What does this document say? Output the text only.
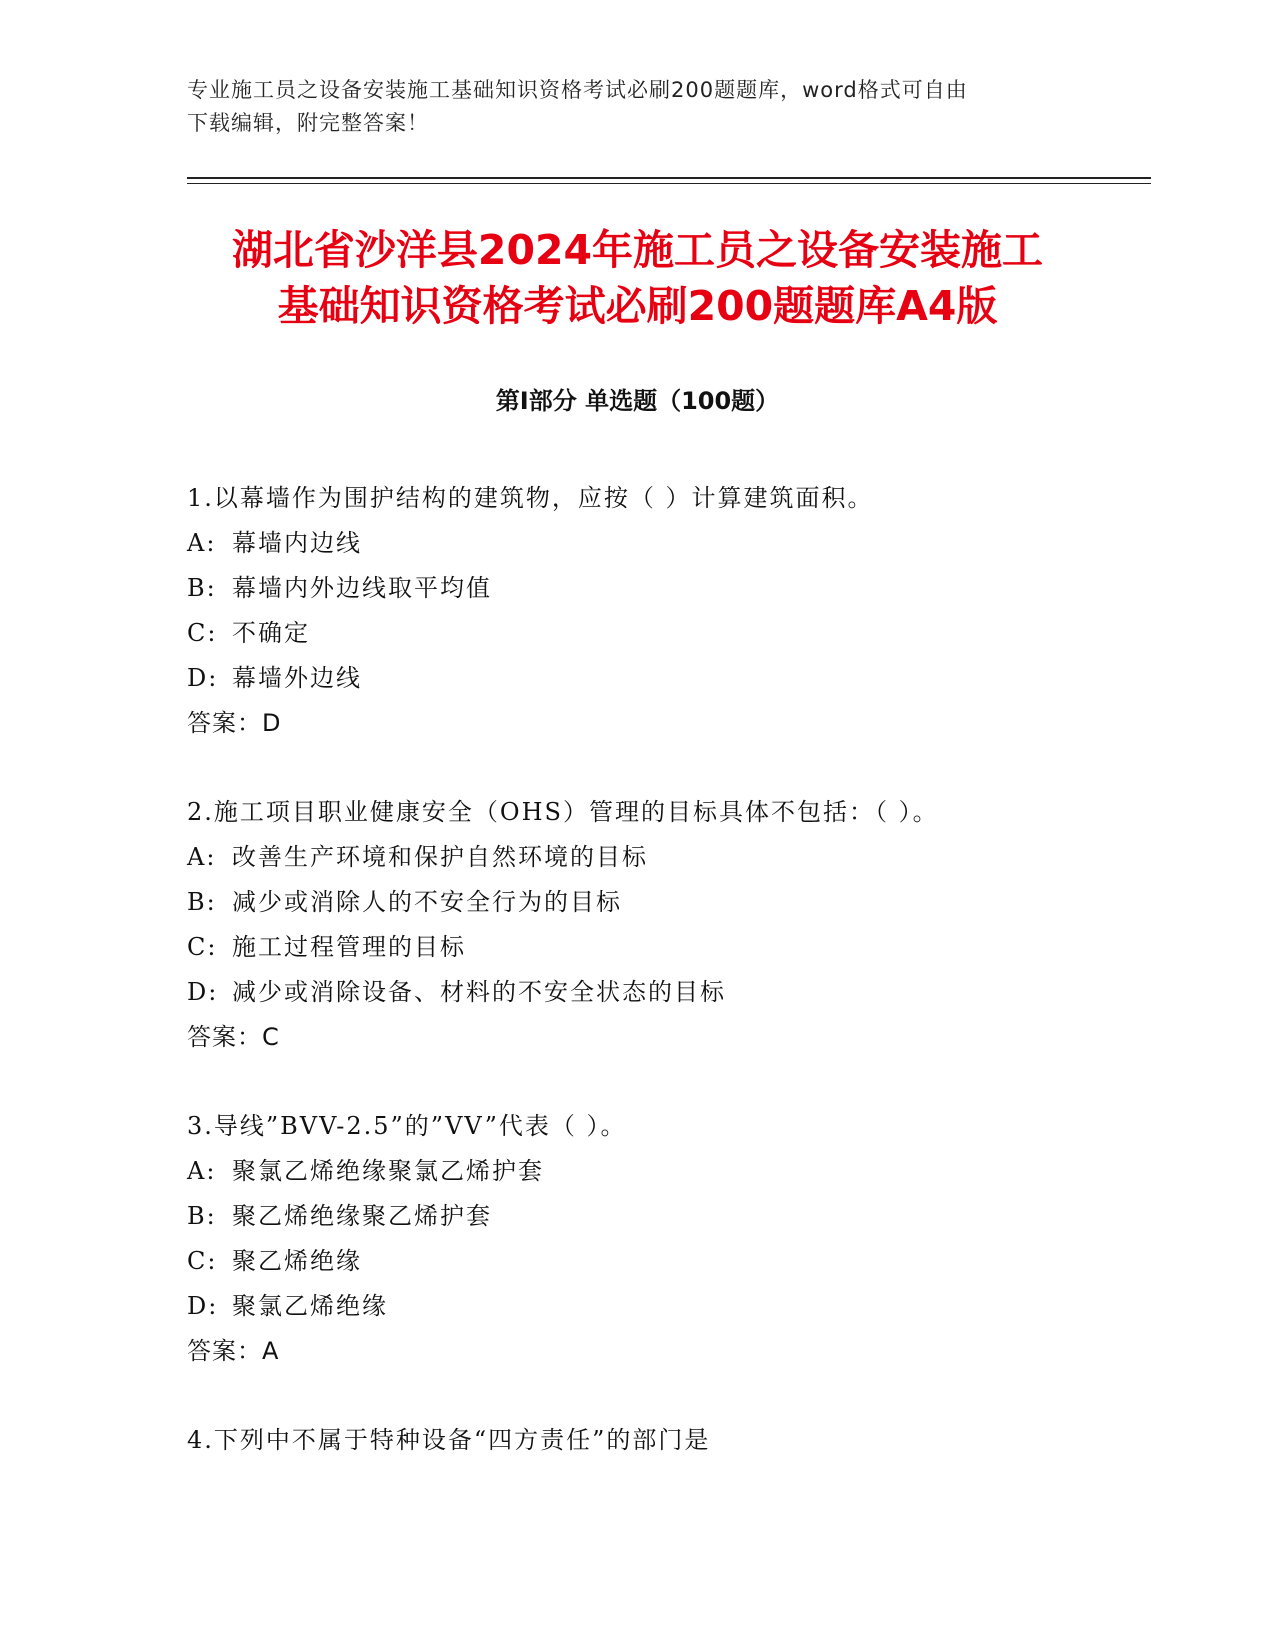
专业施工员之设备安装施工基础知识资格考试必刷200题题库，word格式可自由
下载编辑，附完整答案！
湖北省沙洋县2024年施工员之设备安装施工
基础知识资格考试必刷200题题库A4版
第Ⅰ部分 单选题（100题）
1.以幕墙作为围护结构的建筑物，应按（ ）计算建筑面积。
A: 幕墙内边线
B: 幕墙内外边线取平均值
C: 不确定
D: 幕墙外边线
答案：D
2.施工项目职业健康安全（OHS）管理的目标具体不包括：（ ）。
A: 改善生产环境和保护自然环境的目标
B: 减少或消除人的不安全行为的目标
C: 施工过程管理的目标
D: 减少或消除设备、材料的不安全状态的目标
答案：C
3.导线”BVV-2.5”的”VV”代表（ ）。
A: 聚氯乙烯绝缘聚氯乙烯护套
B: 聚乙烯绝缘聚乙烯护套
C: 聚乙烯绝缘
D: 聚氯乙烯绝缘
答案：A
4.下列中不属于特种设备“四方责任”的部门是
